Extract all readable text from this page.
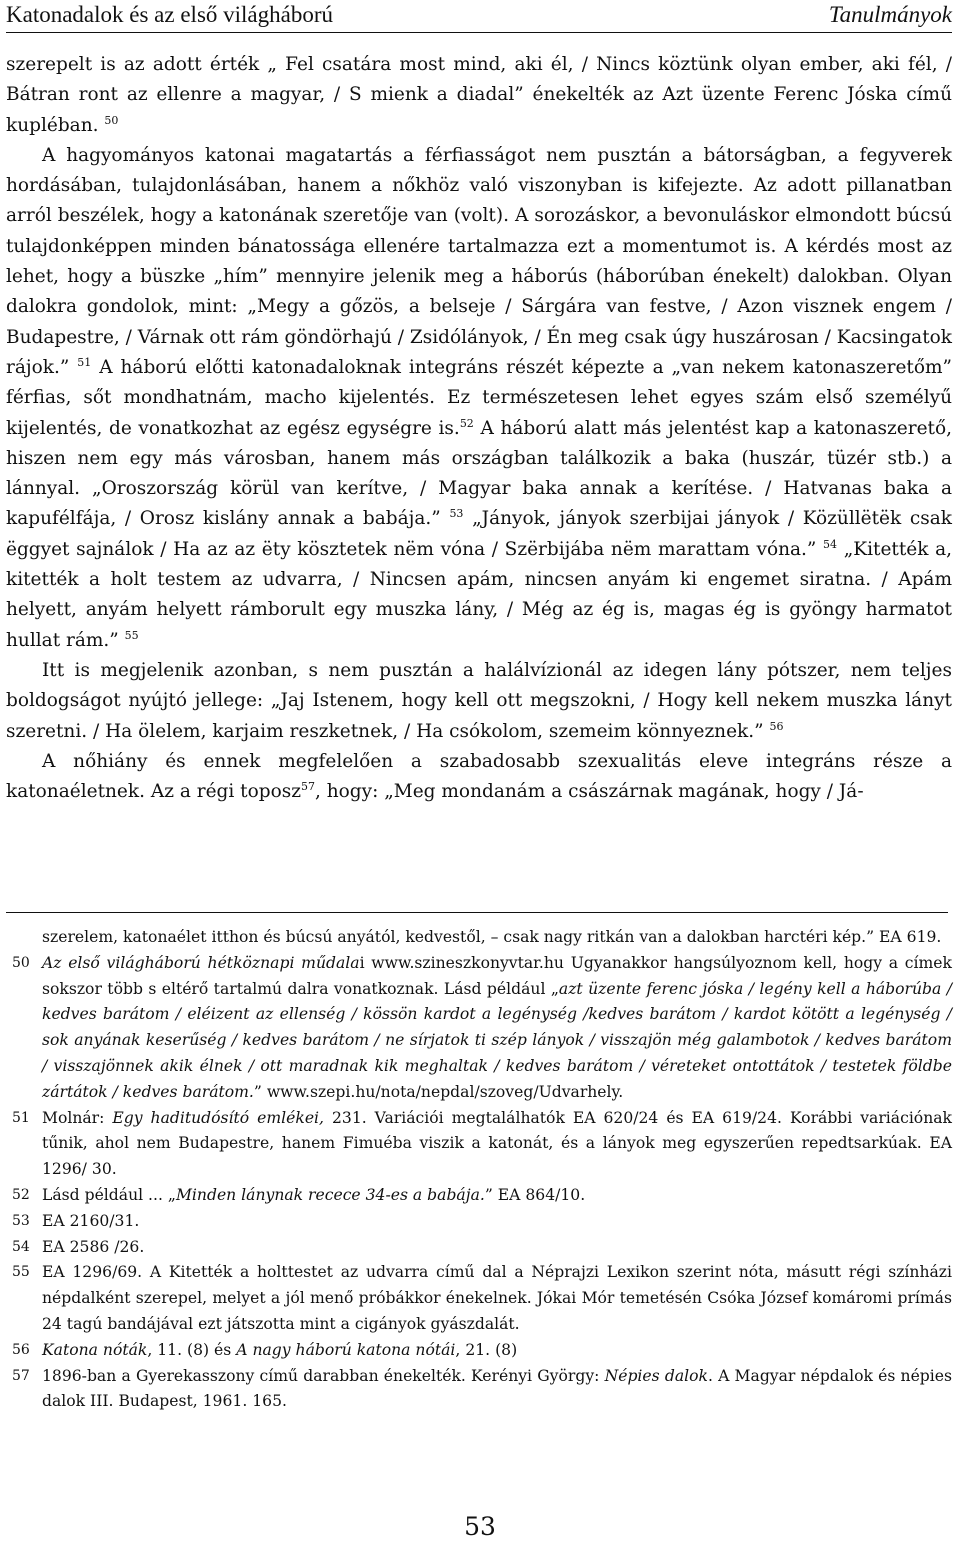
Katonadalok és az első világháború	Tanulmányok

szerepelt is az adott érték „ Fel csatára most mind, aki él, / Nincs köztünk olyan ember, aki fél, / Bátran ront az ellenre a magyar, / S mienk a diadal” énekelték az Azt üzente Ferenc Jóska című kupléban. $^{50}$

A hagyományos katonai magatartás a férfiasságot nem pusztán a bátorságban, a fegyverek hordásában, tulajdonlásában, hanem a nőkhöz való viszonyban is kifejezte. Az adott pillanatban arról beszélek, hogy a katonának szeretője van (volt). A sorozáskor, a bevonuláskor elmondott búcsú tulajdonképpen minden bánatossága ellenére tartalmazza ezt a momentumot is. A kérdés most az lehet, hogy a büszke „hím” mennyire jelenik meg a háborús (háborúban énekelt) dalokban. Olyan dalokra gondolok, mint: „Megy a gőzös, a belseje / Sárgára van festve, / Azon visznek engem / Budapestre, / Várnak ott rám göndörhajú / Zsidólányok, / Én meg csak úgy huszárosan / Kacsingatok rájok.” $^{51}$ A háború előtti katonadaloknak integráns részét képezte a „van nekem katonaszeretőm” férfias, sőt mondhatnám, macho kijelentés. Ez természetesen lehet egyes szám első személyű kijelentés, de vonatkozhat az egész egységre is.$^{52}$ A háború alatt más jelentést kap a katonaszerető, hiszen nem egy más városban, hanem más országban találkozik a baka (huszár, tüzér stb.) a lánnyal. „Oroszország körül van kerítve, / Magyar baka annak a kerítése. / Hatvanas baka a kapufélfája, / Orosz kislány annak a babája.” $^{53}$ „Jányok, jányok szerbijai jányok / Közüllëtëk csak ëggyet sajnálok / Ha az az ëty kösztetek nëm vóna / Szërbijába nëm marattam vóna.” $^{54}$ „Kitették a, kitették a holt testem az udvarra, / Nincsen apám, nincsen anyám ki engemet siratna. / Apám helyett, anyám helyett rámborult egy muszka lány, / Még az ég is, magas ég is gyöngy harmatot hullat rám.” $^{55}$

Itt is megjelenik azonban, s nem pusztán a halálvízionál az idegen lány pótszer, nem teljes boldogságot nyújtó jellege: „Jaj Istenem, hogy kell ott megszokni, / Hogy kell nekem muszka lányt szeretni. / Ha ölelem, karjaim reszketnek, / Ha csókolom, szemeim könnyeznek.” $^{56}$

A nőhiány és ennek megfelelően a szabadosabb szexualitás eleve integráns része a katonaéletnek. Az a régi toposz$^{57}$, hogy: „Meg mondanám a császárnak magának, hogy / Já-

szerelem, katonaélet itthon és búcsú anyától, kedvestől, – csak nagy ritkán van a dalokban harctéri kép.” EA 619.

50 Az első világháború hétköznapi műdalai www.szineszkonyvtar.hu Ugyanakkor hangsúlyoznom kell, hogy a címek sokszor több s eltérő tartalmú dalra vonatkoznak. Lásd például „azt üzente ferenc jóska / legény kell a háborúba / kedves barátom / eléizent az ellenség / kössön kardot a legénység /kedves barátom / kardot kötött a legénység / sok anyának keserűség / kedves barátom / ne sírjatok ti szép lányok / visszajön még galambotok / kedves barátom / visszajönnek akik élnek / ott maradnak kik meghaltak / kedves barátom / véreteket ontottátok / testetek földbe zártátok / kedves barátom.” www.szepi.hu/nota/nepdal/szoveg/Udvarhely.

51 Molnár: Egy haditudósító emlékei, 231. Variációi megtalálhatók EA 620/24 és EA 619/24. Korábbi variációnak tűnik, ahol nem Budapestre, hanem Fimuéba viszik a katonát, és a lányok meg egyszerűen repedtsarkúak. EA 1296/ 30.

52 Lásd például ... „Minden lánynak recece 34-es a babája.” EA 864/10.

53 EA 2160/31.

54 EA 2586 /26.

55 EA 1296/69. A Kitették a holttestet az udvarra című dal a Néprajzi Lexikon szerint nóta, másutt régi színházi népdalként szerepel, melyet a jól menő próbákkor énekelnek. Jókai Mór temetésén Csóka József komáromi prímás 24 tagú bandájával ezt játszotta mint a cigányok gyászdalát.

56 Katona nóták, 11. (8) és A nagy háború katona nótái, 21. (8)

57 1896-ban a Gyerekasszony című darabban énekelték. Kerényi György: Népies dalok. A Magyar népdalok és népies dalok III. Budapest, 1961. 165.

53
